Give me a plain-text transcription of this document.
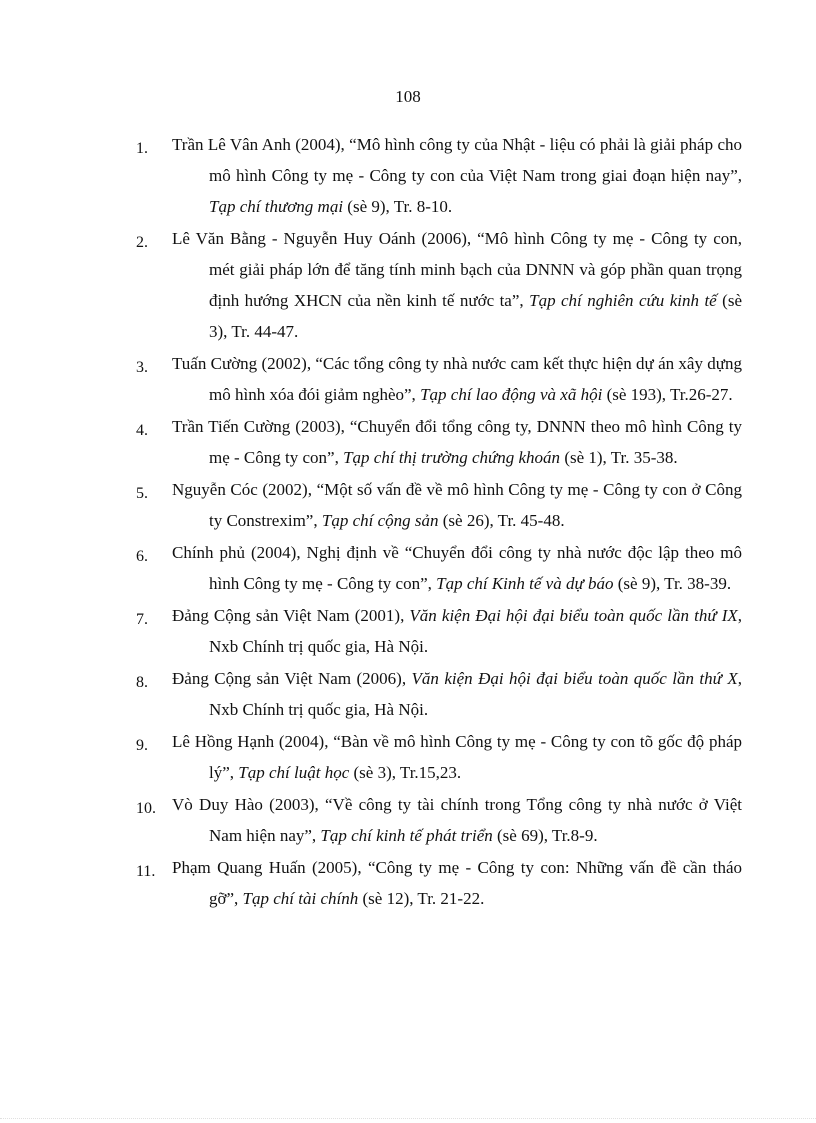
108
1.	Trần Lê Vân Anh (2004), “Mô hình công ty của Nhật - liệu có phải là giải pháp cho mô hình Công ty mẹ - Công ty con của Việt Nam trong giai đoạn hiện nay”, Tạp chí thương mại (sè 9), Tr. 8-10.
2.	Lê Văn Bằng - Nguyễn Huy Oánh (2006), “Mô hình Công ty mẹ - Công ty con, mét giải pháp lớn để tăng tính minh bạch của DNNN và góp phần quan trọng định hướng XHCN của nền kinh tế nước ta”, Tạp chí nghiên cứu kinh tế (sè 3), Tr. 44-47.
3.	Tuấn Cường (2002), “Các tổng công ty nhà nước cam kết thực hiện dự án xây dựng mô hình xóa đói giảm nghèo”, Tạp chí lao động và xã hội (sè 193), Tr.26-27.
4.	Trần Tiến Cường (2003), “Chuyển đổi tổng công ty, DNNN theo mô hình Công ty mẹ - Công ty con”, Tạp chí thị trường chứng khoán (sè 1), Tr. 35-38.
5.	Nguyễn Cóc (2002), “Một số vấn đề về mô hình Công ty mẹ - Công ty con ở Công ty Constrexim”, Tạp chí cộng sản (sè 26), Tr. 45-48.
6.	Chính phủ (2004), Nghị định về “Chuyển đổi công ty nhà nước độc lập theo mô hình Công ty mẹ - Công ty con”, Tạp chí Kinh tế và dự báo (sè 9), Tr. 38-39.
7.	Đảng Cộng sản Việt Nam (2001), Văn kiện Đại hội đại biểu toàn quốc lần thứ IX, Nxb Chính trị quốc gia, Hà Nội.
8.	Đảng Cộng sản Việt Nam (2006), Văn kiện Đại hội đại biểu toàn quốc lần thứ X, Nxb Chính trị quốc gia, Hà Nội.
9.	Lê Hồng Hạnh (2004), “Bàn về mô hình Công ty mẹ - Công ty con tõ gốc độ pháp lý”, Tạp chí luật học (sè 3), Tr.15,23.
10. Vò Duy Hào (2003), “Về công ty tài chính trong Tổng công ty nhà nước ở Việt Nam hiện nay”, Tạp chí kinh tế phát triển (sè 69), Tr.8-9.
11. Phạm Quang Huấn (2005), “Công ty mẹ - Công ty con: Những vấn đề cần tháo gỡ”, Tạp chí tài chính (sè 12), Tr. 21-22.
